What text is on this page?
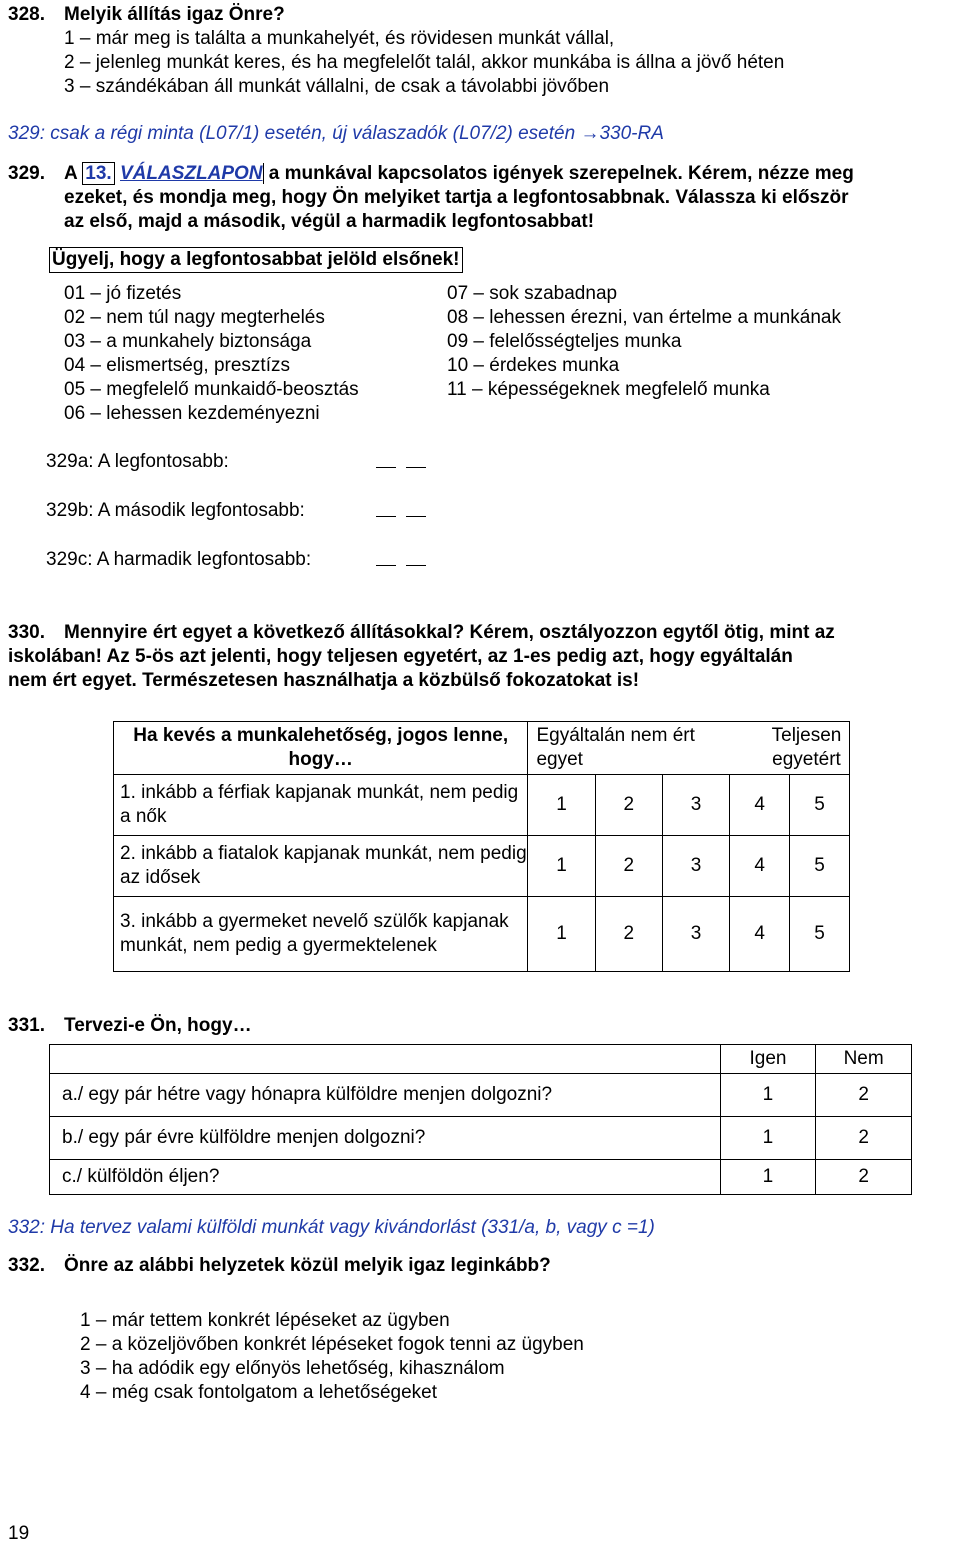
328. Melyik állítás igaz Önre?
1 – már meg is találta a munkahelyét, és rövidesen munkát vállal,
2 – jelenleg munkát keres, és ha megfelelőt talál, akkor munkába is állna a jövő héten
3 – szándékában áll munkát vállalni, de csak a távolabbi jövőben
329: csak a régi minta (L07/1) esetén, új válaszadók (L07/2) esetén →330-RA
329. A 13. VÁLASZLAPON a munkával kapcsolatos igények szerepelnek. Kérem, nézze meg
ezeket, és mondja meg, hogy Ön melyiket tartja a legfontosabbnak. Válassza ki először
az első, majd a második, végül a harmadik legfontosabbat!
Ügyelj, hogy a legfontosabbat jelöld elsőnek!
01 – jó fizetés
02 – nem túl nagy megterhelés
03 – a munkahely biztonsága
04 – elismertség, presztízs
05 – megfelelő munkaidő-beosztás
06 – lehessen kezdeményezni
07 – sok szabadnap
08 – lehessen érezni, van értelme a munkának
09 – felelősségteljes munka
10 – érdekes munka
11 – képességeknek megfelelő munka
329a: A legfontosabb:
329b: A második legfontosabb:
329c: A harmadik legfontosabb:
330. Mennyire ért egyet a következő állításokkal? Kérem, osztályozzon egytől ötig, mint az
iskolában! Az 5-ös azt jelenti, hogy teljesen egyetért, az 1-es pedig azt, hogy egyáltalán
nem ért egyet. Természetesen használhatja a közbülső fokozatokat is!
Ha kevés a munkalehetőség, jogos lenne, hogy…	Egyáltalán nem ért egyet			Teljesen egyetért	

1. inkább a férfiak kapjanak munkát, nem pedig a nők	1	2	3	4	5
2. inkább a fiatalok kapjanak munkát, nem pedig az idősek	1	2	3	4	5
3. inkább a gyermeket nevelő szülők kapjanak munkát, nem pedig a gyermektelenek	1	2	3	4	5
331. Tervezi-e Ön, hogy…
	Igen	Nem
a./ egy pár hétre vagy hónapra külföldre menjen dolgozni?	1	2
b./ egy pár évre külföldre menjen dolgozni?	1	2
c./ külföldön éljen?	1	2
332: Ha tervez valami külföldi munkát vagy kivándorlást (331/a, b, vagy c =1)
332. Önre az alábbi helyzetek közül melyik igaz leginkább?
1 – már tettem konkrét lépéseket az ügyben
2 – a közeljövőben konkrét lépéseket fogok tenni az ügyben
3 – ha adódik egy előnyös lehetőség, kihasználom
4 – még csak fontolgatom a lehetőségeket
19
